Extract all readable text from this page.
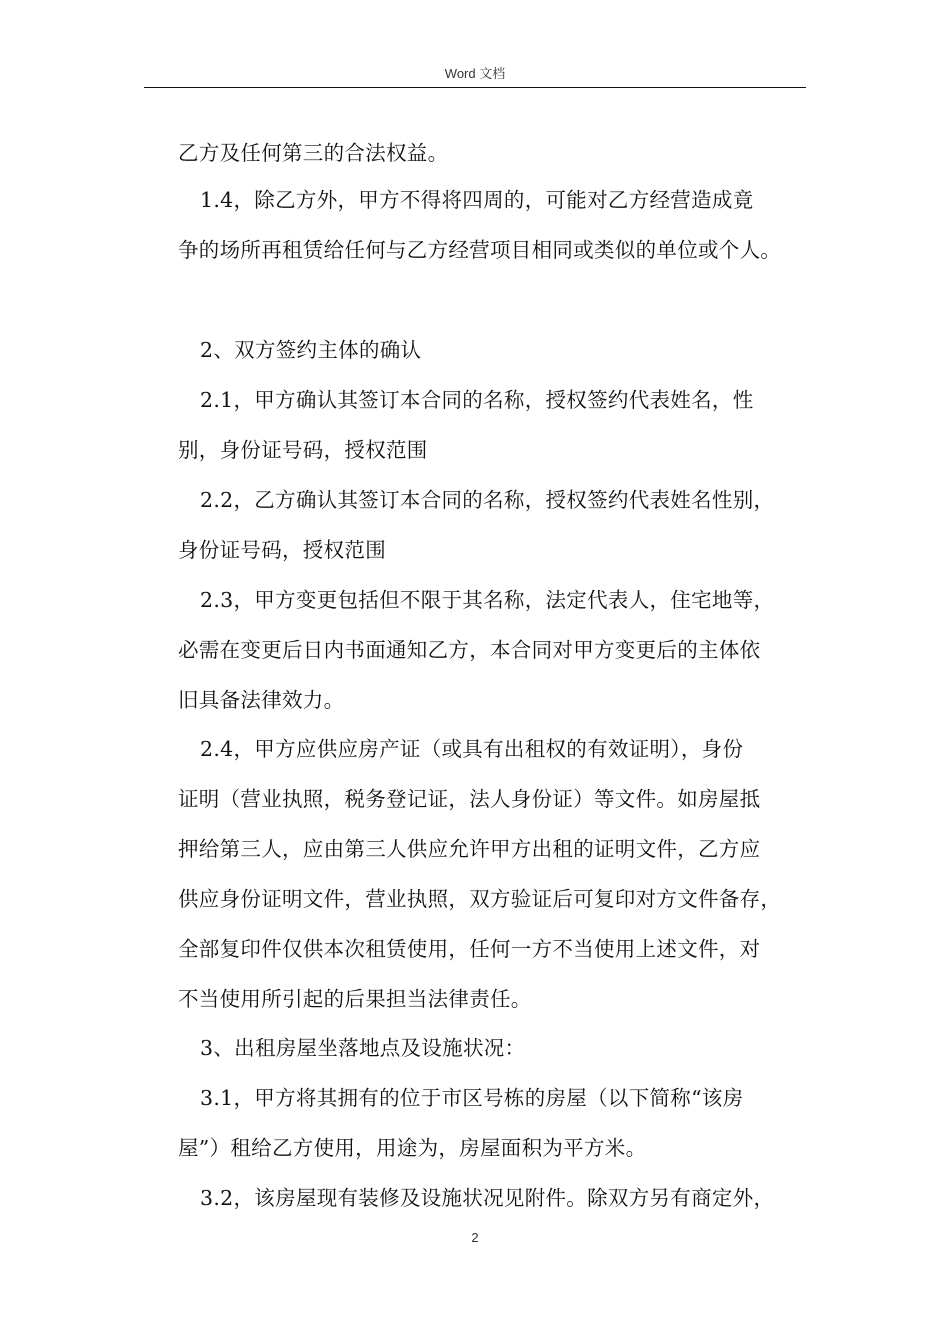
Word 文档
乙方及任何第三的合法权益。
1.4，除乙方外，甲方不得将四周的，可能对乙方经营造成竟
争的场所再租赁给任何与乙方经营项目相同或类似的单位或个人。
2、双方签约主体的确认
2.1，甲方确认其签订本合同的名称，授权签约代表姓名，性
别，身份证号码，授权范围
2.2，乙方确认其签订本合同的名称，授权签约代表姓名性别，
身份证号码，授权范围
2.3，甲方变更包括但不限于其名称，法定代表人，住宅地等，
必需在变更后日内书面通知乙方，本合同对甲方变更后的主体依
旧具备法律效力。
2.4，甲方应供应房产证（或具有出租权的有效证明），身份
证明（营业执照，税务登记证，法人身份证）等文件。如房屋抵
押给第三人，应由第三人供应允许甲方出租的证明文件，乙方应
供应身份证明文件，营业执照，双方验证后可复印对方文件备存，
全部复印件仅供本次租赁使用，任何一方不当使用上述文件，对
不当使用所引起的后果担当法律责任。
3、出租房屋坐落地点及设施状况：
3.1，甲方将其拥有的位于市区号栋的房屋（以下简称“该房
屋”）租给乙方使用，用途为，房屋面积为平方米。
3.2，该房屋现有装修及设施状况见附件。除双方另有商定外，
2
